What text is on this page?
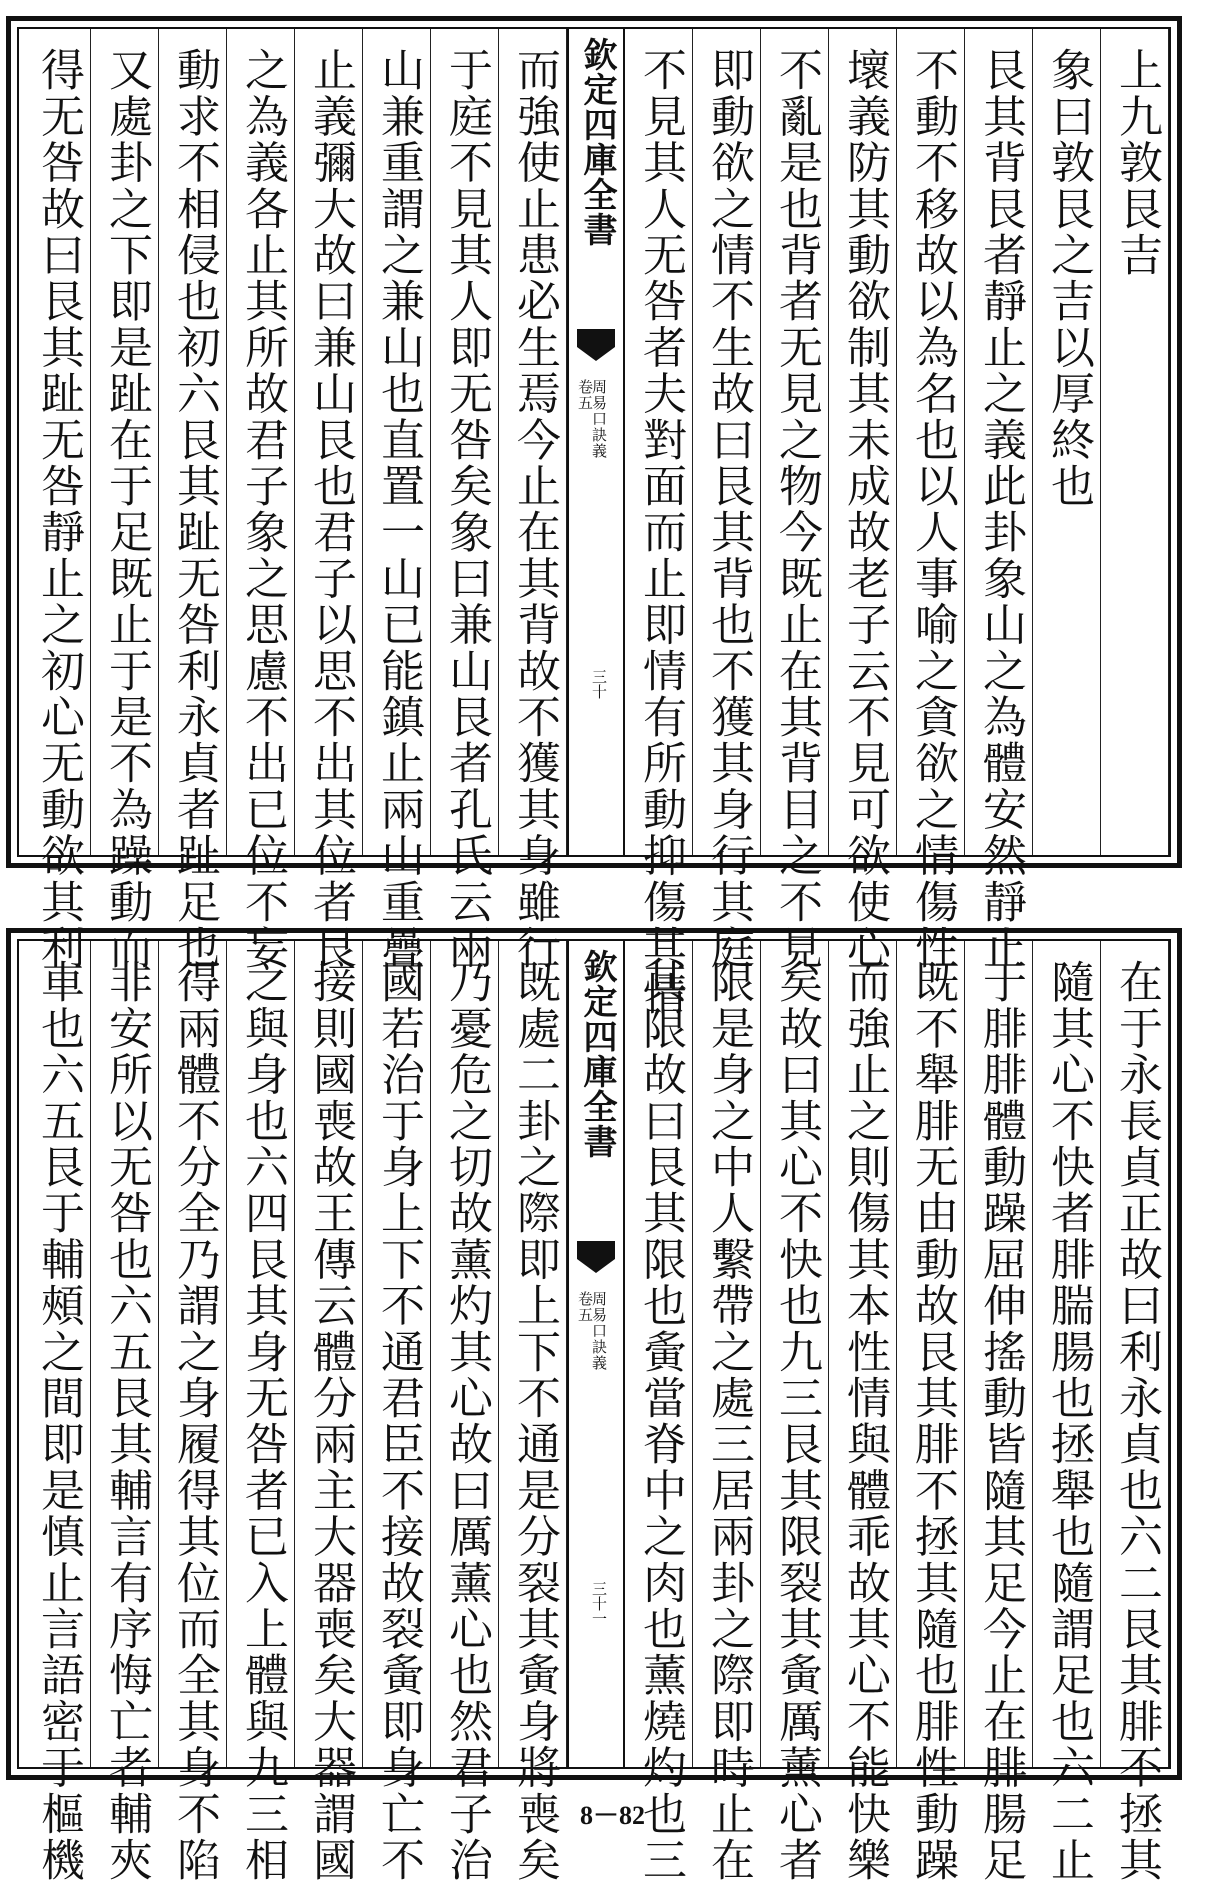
上九敦艮吉
象曰敦艮之吉以厚終也
艮其背艮者靜止之義此卦象山之為體安然靜止
不動不移故以為名也以人事喻之貪欲之情傷性
壞義防其動欲制其未成故老子云不見可欲使心
不亂是也背者无見之物今既止在其背目之不見
即動欲之情不生故曰艮其背也不獲其身行其庭
不見其人无咎者夫對面而止即情有所動抑傷其情
欽定四庫全書
周易口訣義
卷五
三十
而強使止患必生焉今止在其背故不獲其身雖行
于庭不見其人即无咎矣象曰兼山艮者孔氏云兩
山兼重謂之兼山也直置一山已能鎮止兩山重疊
止義彌大故曰兼山艮也君子以思不出其位者艮
之為義各止其所故君子象之思慮不出已位不妄
動求不相侵也初六艮其趾无咎利永貞者趾足也
又處卦之下即是趾在于足既止于是不為躁動而
得无咎故曰艮其趾无咎靜止之初心无動欲其利
在于永長貞正故曰利永貞也六二艮其腓不拯其
隨其心不快者腓腨腸也拯舉也隨謂足也六二止
于腓腓體動躁屈伸搖動皆隨其足今止在腓腸足
既不舉腓无由動故艮其腓不拯其隨也腓性動躁
而強止之則傷其本性情與體乖故其心不能快樂
矣故曰其心不快也九三艮其限裂其夤厲薰心者
限是身之中人繫帶之處三居兩卦之際即時止在
其限故曰艮其限也夤當脊中之肉也薰燒灼也三
欽定四庫全書
周易口訣義
卷五
三十一
既處二卦之際即上下不通是分裂其夤身將喪矣
乃憂危之切故薰灼其心故曰厲薰心也然君子治
國若治于身上下不通君臣不接故裂夤即身亡不
接則國喪故王傳云體分兩主大器喪矣大器謂國
之與身也六四艮其身无咎者已入上體與九三相
得兩體不分全乃謂之身履得其位而全其身不陷
非安所以无咎也六五艮其輔言有序悔亡者輔夾
車也六五艮于輔頰之間即是慎止言語密于樞機	8－82
